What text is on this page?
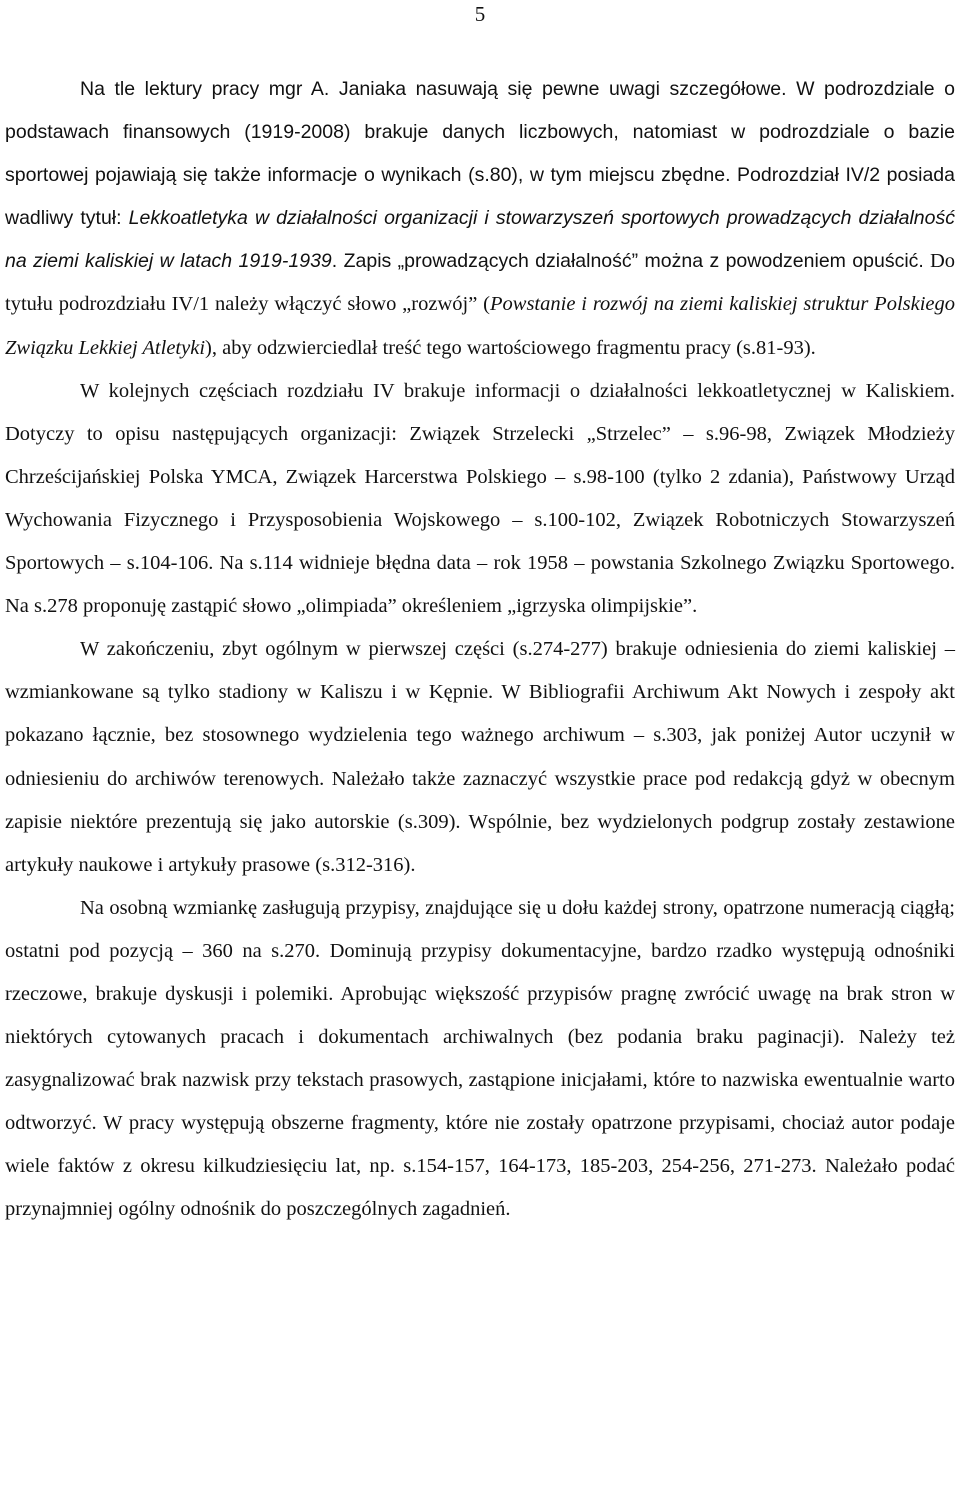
5

Na tle lektury pracy mgr A. Janiaka nasuwają się pewne uwagi szczegółowe. W podrozdziale o podstawach finansowych (1919-2008) brakuje danych liczbowych, natomiast w podrozdziale o bazie sportowej pojawiają się także informacje o wynikach (s.80), w tym miejscu zbędne. Podrozdział IV/2 posiada wadliwy tytuł: Lekkoatletyka w działalności organizacji i stowarzyszeń sportowych prowadzących działalność na ziemi kaliskiej w latach 1919-1939. Zapis „prowadzących działalność” można z powodzeniem opuścić. Do tytułu podrozdziału IV/1 należy włączyć słowo „rozwój” (Powstanie i rozwój na ziemi kaliskiej struktur Polskiego Związku Lekkiej Atletyki), aby odzwierciedlał treść tego wartościowego fragmentu pracy (s.81-93).

W kolejnych częściach rozdziału IV brakuje informacji o działalności lekkoatletycznej w Kaliskiem. Dotyczy to opisu następujących organizacji: Związek Strzelecki „Strzelec” – s.96-98, Związek Młodzieży Chrześcijańskiej Polska YMCA, Związek Harcerstwa Polskiego – s.98-100 (tylko 2 zdania), Państwowy Urząd Wychowania Fizycznego i Przysposobienia Wojskowego – s.100-102, Związek Robotniczych Stowarzyszeń Sportowych – s.104-106. Na s.114 widnieje błędna data – rok 1958 – powstania Szkolnego Związku Sportowego. Na s.278 proponuję zastąpić słowo „olimpiada” określeniem „igrzyska olimpijskie”.

W zakończeniu, zbyt ogólnym w pierwszej części (s.274-277) brakuje odniesienia do ziemi kaliskiej – wzmiankowane są tylko stadiony w Kaliszu i w Kępnie. W Bibliografii Archiwum Akt Nowych i zespoły akt pokazano łącznie, bez stosownego wydzielenia tego ważnego archiwum – s.303, jak poniżej Autor uczynił w odniesieniu do archiwów terenowych. Należało także zaznaczyć wszystkie prace pod redakcją gdyż w obecnym zapisie niektóre prezentują się jako autorskie (s.309). Wspólnie, bez wydzielonych podgrup zostały zestawione artykuły naukowe i artykuły prasowe (s.312-316).

Na osobną wzmiankę zasługują przypisy, znajdujące się u dołu każdej strony, opatrzone numeracją ciągłą; ostatni pod pozycją – 360 na s.270. Dominują przypisy dokumentacyjne, bardzo rzadko występują odnośniki rzeczowe, brakuje dyskusji i polemiki. Aprobując większość przypisów pragnę zwrócić uwagę na brak stron w niektórych cytowanych pracach i dokumentach archiwalnych (bez podania braku paginacji). Należy też zasygnalizować brak nazwisk przy tekstach prasowych, zastąpione inicjałami, które to nazwiska ewentualnie warto odtworzyć. W pracy występują obszerne fragmenty, które nie zostały opatrzone przypisami, chociaż autor podaje wiele faktów z okresu kilkudziesięciu lat, np. s.154-157, 164-173, 185-203, 254-256, 271-273. Należało podać przynajmniej ogólny odnośnik do poszczególnych zagadnień.
